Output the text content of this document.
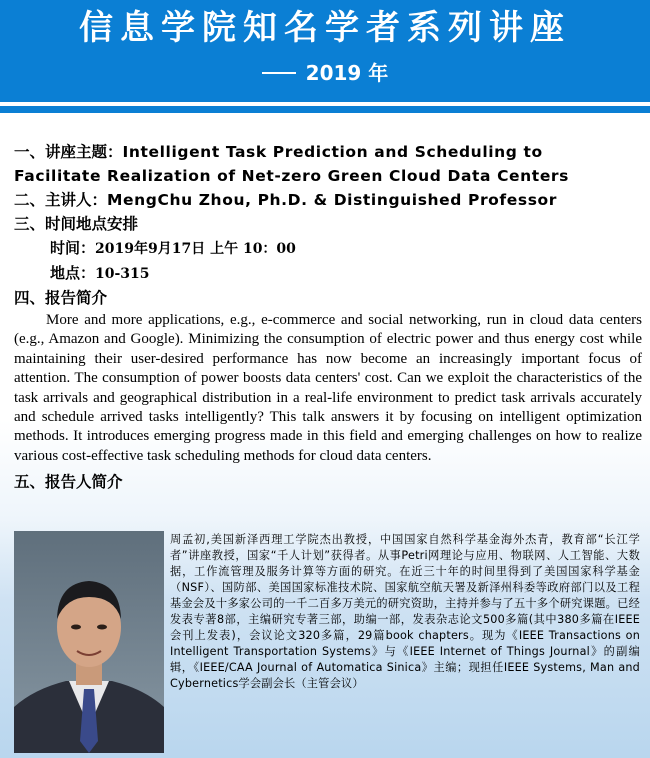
信息学院知名学者系列讲座
2019 年
一、讲座主题：Intelligent Task Prediction and Scheduling to
Facilitate Realization of Net-zero Green Cloud Data Centers
二、主讲人：MengChu Zhou, Ph.D. & Distinguished Professor
三、时间地点安排
时间：2019年9月17日 上午 10：00
地点：10-315
四、报告简介
More and more applications, e.g., e-commerce and social networking, run in cloud data centers (e.g., Amazon and Google). Minimizing the consumption of electric power and thus energy cost while maintaining their user-desired performance has now become an increasingly important focus of attention. The consumption of power boosts data centers' cost. Can we exploit the characteristics of the task arrivals and geographical distribution in a real-life environment to predict task arrivals accurately and schedule arrived tasks intelligently? This talk answers it by focusing on intelligent optimization methods. It introduces emerging progress made in this field and emerging challenges on how to realize various cost-effective task scheduling methods for cloud data centers.
五、报告人简介
周孟初,美国新泽西理工学院杰出教授，中国国家自然科学基金海外杰青，教育部“长江学者”讲座教授，国家“千人计划”获得者。从事Petri网理论与应用、物联网、人工智能、大数据，工作流管理及服务计算等方面的研究。在近三十年的时间里得到了美国国家科学基金（NSF）、国防部、美国国家标准技术院、国家航空航天署及新泽州科委等政府部门以及工程基金会及十多家公司的一千二百多万美元的研究资助，主持并参与了五十多个研究课题。已经发表专著8部，主编研究专著三部，助编一部，发表杂志论文500多篇(其中380多篇在IEEE 会刊上发表)，会议论文320多篇，29篇book chapters。现为《IEEE Transactions on Intelligent Transportation Systems》与《IEEE Internet of Things Journal》的副编辑，《IEEE/CAA Journal of Automatica Sinica》主编；现担任IEEE Systems, Man and Cybernetics学会副会长（主管会议）
